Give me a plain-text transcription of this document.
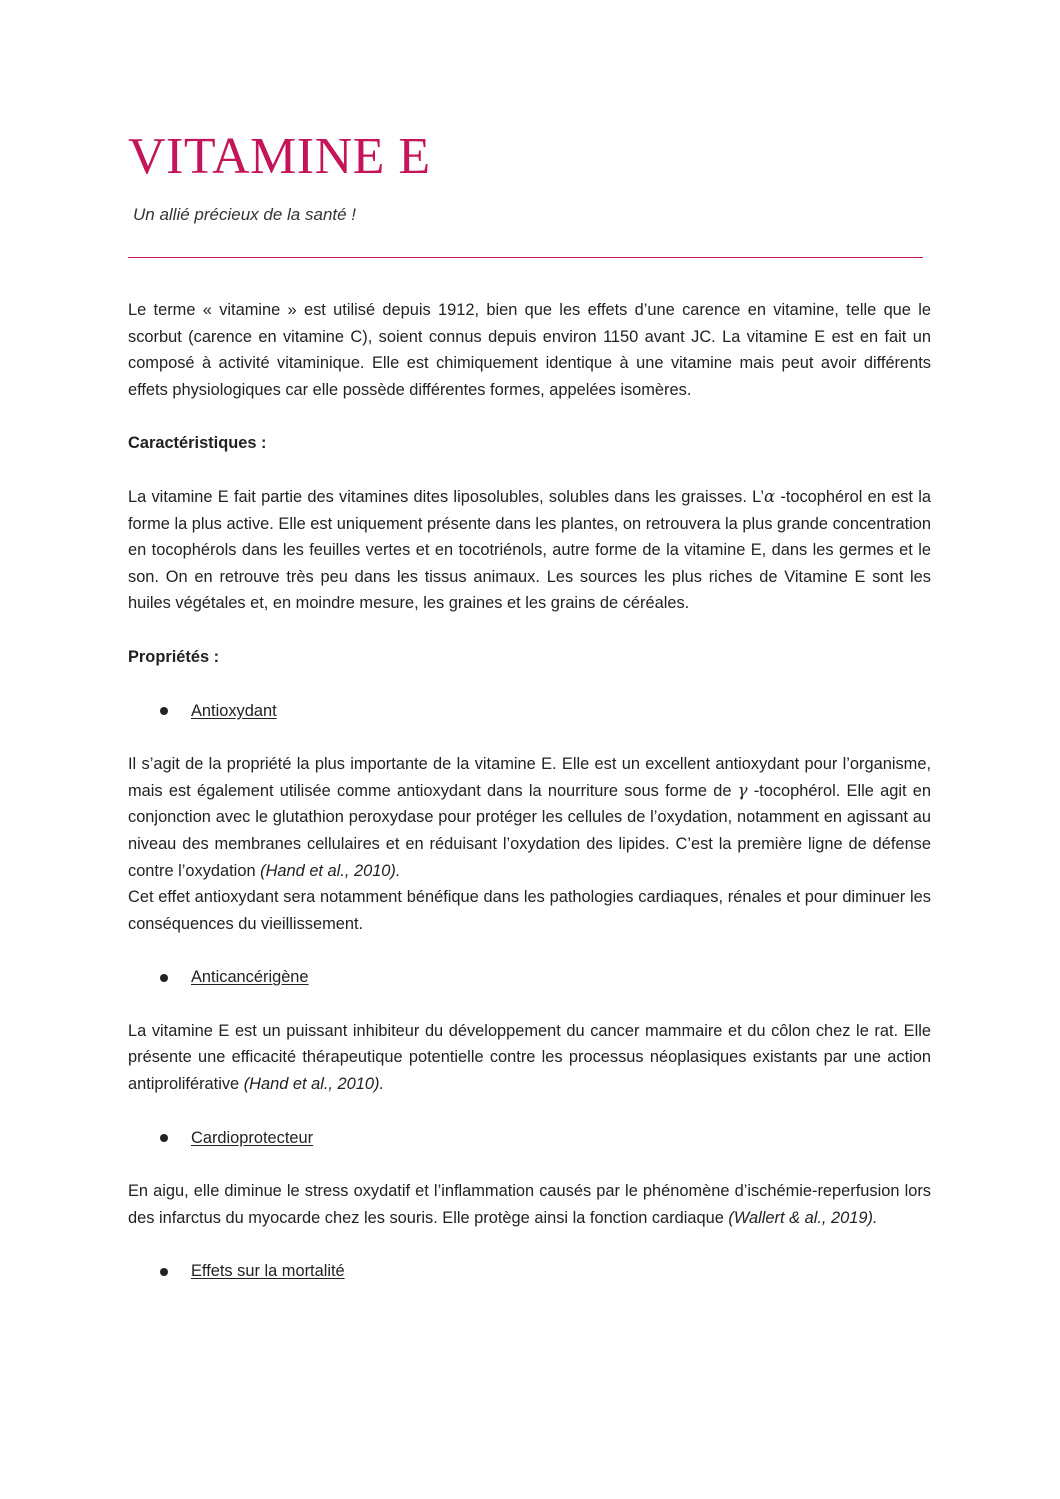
VITAMINE E
Un allié précieux de la santé !

Le terme « vitamine » est utilisé depuis 1912, bien que les effets d’une carence en vitamine, telle que le scorbut (carence en vitamine C), soient connus depuis environ 1150 avant JC. La vitamine E est en fait un composé à activité vitaminique. Elle est chimiquement identique à une vitamine mais peut avoir différents effets physiologiques car elle possède différentes formes, appelées isomères.

Caractéristiques :

La vitamine E fait partie des vitamines dites liposolubles, solubles dans les graisses. L’α -tocophérol en est la forme la plus active. Elle est uniquement présente dans les plantes, on retrouvera la plus grande concentration en tocophérols dans les feuilles vertes et en tocotriénols, autre forme de la vitamine E, dans les germes et le son. On en retrouve très peu dans les tissus animaux. Les sources les plus riches de Vitamine E sont les huiles végétales et, en moindre mesure, les graines et les grains de céréales.

Propriétés :
Antioxydant

Il s’agit de la propriété la plus importante de la vitamine E. Elle est un excellent antioxydant pour l’organisme, mais est également utilisée comme antioxydant dans la nourriture sous forme de γ -tocophérol. Elle agit en conjonction avec le glutathion peroxydase pour protéger les cellules de l’oxydation, notamment en agissant au niveau des membranes cellulaires et en réduisant l’oxydation des lipides. C’est la première ligne de défense contre l’oxydation (Hand et al., 2010).

Cet effet antioxydant sera notamment bénéfique dans les pathologies cardiaques, rénales et pour diminuer les conséquences du vieillissement.

Anticancérigène

La vitamine E est un puissant inhibiteur du développement du cancer mammaire et du côlon chez le rat. Elle présente une efficacité thérapeutique potentielle contre les processus néoplasiques existants par une action antiproliférative (Hand et al., 2010).

Cardioprotecteur

En aigu, elle diminue le stress oxydatif et l’inflammation causés par le phénomène d’ischémie-reperfusion lors des infarctus du myocarde chez les souris. Elle protège ainsi la fonction cardiaque (Wallert & al., 2019).

Effets sur la mortalité
